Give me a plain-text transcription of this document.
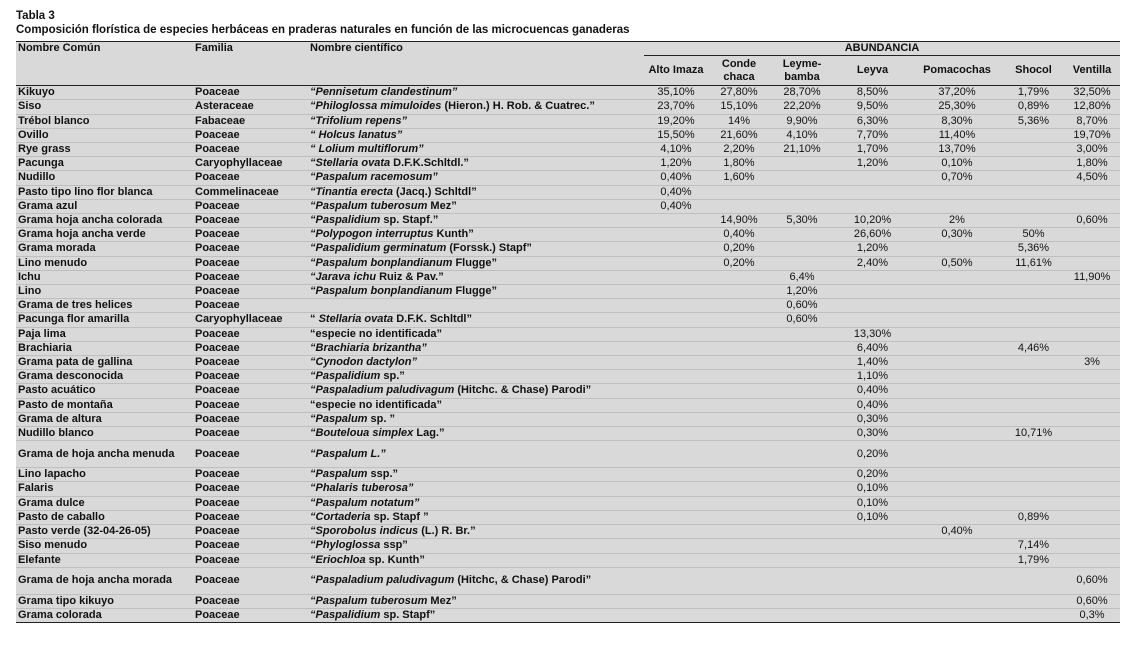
Tabla 3
Composición florística de especies herbáceas en praderas naturales en función de las microcuencas ganaderas
Nombre Común	Familia	Nombre científico	ABUNDANCIA						
			Alto Imaza	Conde chaca	Leyme-bamba	Leyva	Pomacochas	Shocol	Ventilla
Kikuyo	Poaceae	“Pennisetum clandestinum”	35,10%	27,80%	28,70%	8,50%	37,20%	1,79%	32,50%
Siso	Asteraceae	“Philoglossa mimuloides (Hieron.) H. Rob. & Cuatrec.”	23,70%	15,10%	22,20%	9,50%	25,30%	0,89%	12,80%
Trébol blanco	Fabaceae	“Trifolium repens”	19,20%	14%	9,90%	6,30%	8,30%	5,36%	8,70%
Ovillo	Poaceae	“ Holcus lanatus”	15,50%	21,60%	4,10%	7,70%	11,40%		19,70%
Rye grass	Poaceae	“ Lolium multiflorum”	4,10%	2,20%	21,10%	1,70%	13,70%		3,00%
Pacunga	Caryophyllaceae	“Stellaria ovata D.F.K.Schltdl.”	1,20%	1,80%		1,20%	0,10%		1,80%
Nudillo	Poaceae	“Paspalum racemosum”	0,40%	1,60%			0,70%		4,50%
Pasto tipo lino flor blanca	Commelinaceae	“Tinantia erecta (Jacq.) Schltdl”	0,40%						
Grama azul	Poaceae	“Paspalum tuberosum Mez”	0,40%						
Grama hoja ancha colorada	Poaceae	“Paspalidium sp. Stapf.”		14,90%	5,30%	10,20%	2%		0,60%
Grama hoja ancha verde	Poaceae	“Polypogon interruptus Kunth”		0,40%		26,60%	0,30%	50%	
Grama morada	Poaceae	“Paspalidium germinatum (Forssk.) Stapf”		0,20%		1,20%		5,36%	
Lino menudo	Poaceae	“Paspalum bonplandianum Flugge”		0,20%		2,40%	0,50%	11,61%	
Ichu	Poaceae	“Jarava ichu Ruiz & Pav.”			6,4%				11,90%
Lino	Poaceae	“Paspalum bonplandianum Flugge”			1,20%				
Grama de tres helices	Poaceae				0,60%				
Pacunga flor amarilla	Caryophyllaceae	“ Stellaria ovata D.F.K. Schltdl”			0,60%				
Paja lima	Poaceae	“especie no identificada”				13,30%			
Brachiaria	Poaceae	“Brachiaria brizantha”				6,40%		4,46%	
Grama pata de gallina	Poaceae	“Cynodon dactylon”				1,40%			3%
Grama desconocida	Poaceae	“Paspalidium sp.”				1,10%			
Pasto acuático	Poaceae	“Paspaladium paludivagum (Hitchc. & Chase) Parodi”				0,40%			
Pasto de montaña	Poaceae	“especie no identificada”				0,40%			
Grama de altura	Poaceae	“Paspalum sp. ”				0,30%			
Nudillo blanco	Poaceae	“Bouteloua simplex Lag.”				0,30%		10,71%	
Grama de hoja ancha menuda	Poaceae	“Paspalum L.”				0,20%			
Lino lapacho	Poaceae	“Paspalum ssp.”				0,20%			
Falaris	Poaceae	“Phalaris tuberosa”				0,10%			
Grama dulce	Poaceae	“Paspalum notatum”				0,10%			
Pasto de caballo	Poaceae	“Cortaderia sp. Stapf ”				0,10%		0,89%	
Pasto verde (32-04-26-05)	Poaceae	“Sporobolus indicus (L.) R. Br.”					0,40%		
Siso menudo	Poaceae	“Phyloglossa ssp”						7,14%	
Elefante	Poaceae	“Eriochloa sp. Kunth”						1,79%	
Grama de hoja ancha morada	Poaceae	“Paspaladium paludivagum (Hitchc, & Chase) Parodi”							0,60%
Grama tipo kikuyo	Poaceae	“Paspalum tuberosum Mez”							0,60%
Grama colorada	Poaceae	“Paspalidium sp. Stapf”							0,3%
